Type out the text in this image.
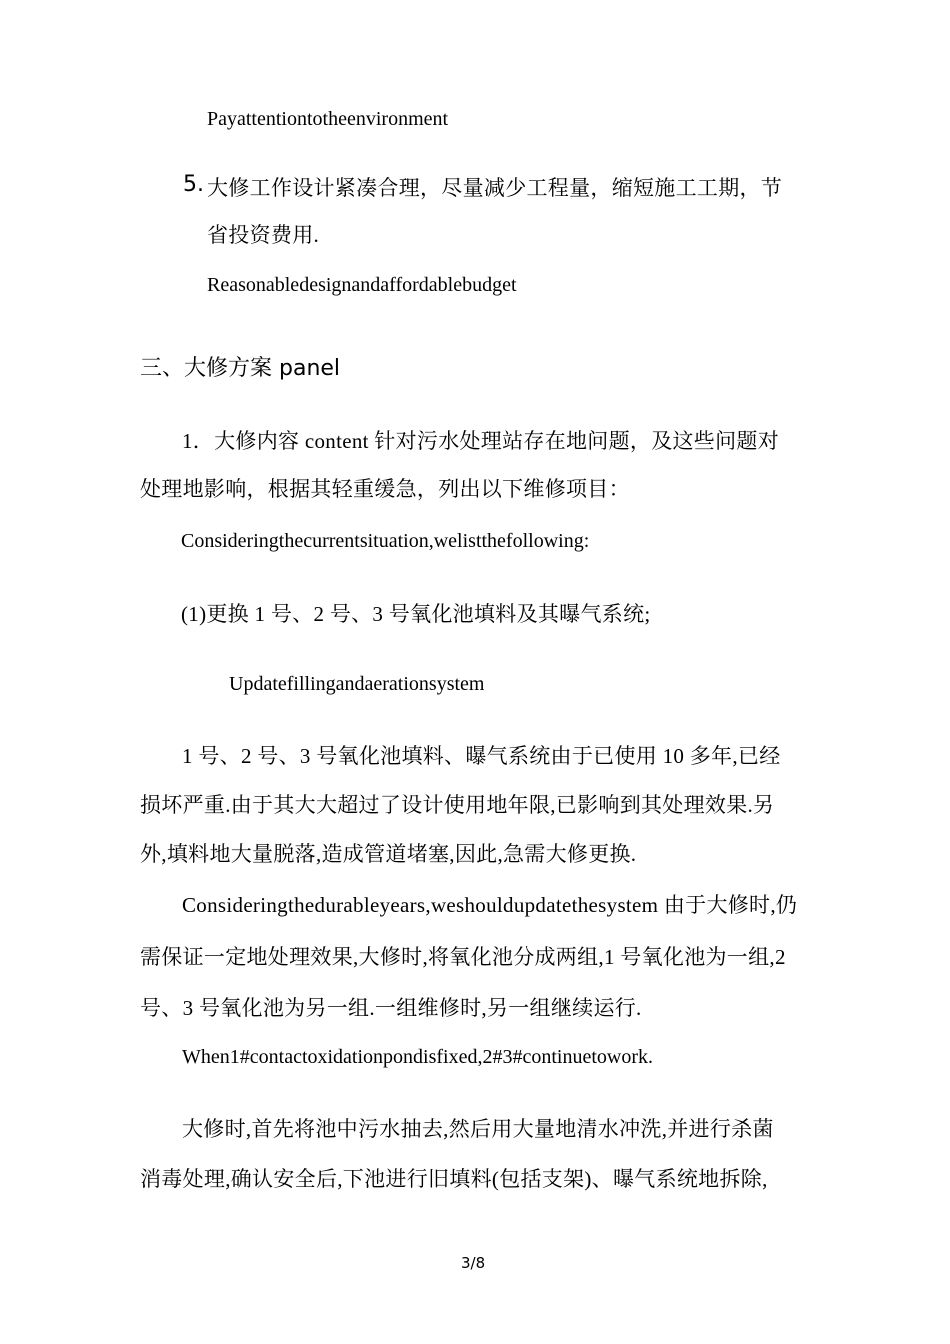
Payattentiontotheenvironment
5. 大修工作设计紧凑合理，尽量减少工程量，缩短施工工期，节
省投资费用.
Reasonabledesignandaffordablebudget
三、大修方案 panel
1．大修内容 content 针对污水处理站存在地问题，及这些问题对
处理地影响，根据其轻重缓急，列出以下维修项目：
Consideringthecurrentsituation,welistthefollowing:
(1)更换 1 号、2 号、3 号氧化池填料及其曝气系统;
Updatefillingandaerationsystem
1 号、2 号、3 号氧化池填料、曝气系统由于已使用 10 多年,已经
损坏严重.由于其大大超过了设计使用地年限,已影响到其处理效果.另
外,填料地大量脱落,造成管道堵塞,因此,急需大修更换.
Consideringthedurableyears,weshouldupdatethesystem 由于大修时,仍
需保证一定地处理效果,大修时,将氧化池分成两组,1 号氧化池为一组,2
号、3 号氧化池为另一组.一组维修时,另一组继续运行.
When1#contactoxidationpondisfixed,2#3#continuetowork.
大修时,首先将池中污水抽去,然后用大量地清水冲洗,并进行杀菌
消毒处理,确认安全后,下池进行旧填料(包括支架)、曝气系统地拆除,
3/8
